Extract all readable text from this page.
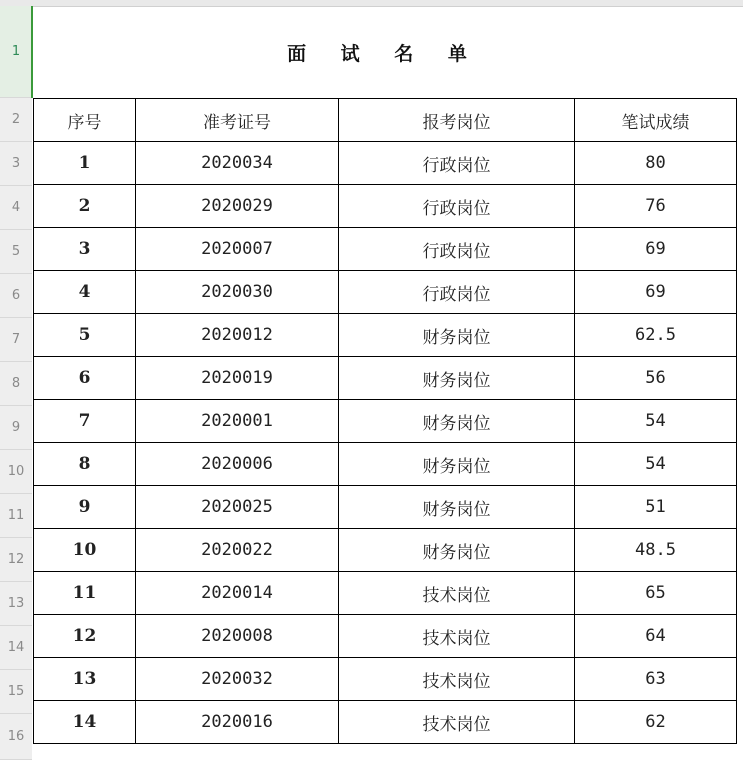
1
2
3
4
5
6
7
8
9
10
11
12
13
14
15
16
面 试 名 单
序号	准考证号	报考岗位	笔试成绩
1	2020034	行政岗位	80
2	2020029	行政岗位	76
3	2020007	行政岗位	69
4	2020030	行政岗位	69
5	2020012	财务岗位	62.5
6	2020019	财务岗位	56
7	2020001	财务岗位	54
8	2020006	财务岗位	54
9	2020025	财务岗位	51
10	2020022	财务岗位	48.5
11	2020014	技术岗位	65
12	2020008	技术岗位	64
13	2020032	技术岗位	63
14	2020016	技术岗位	62
